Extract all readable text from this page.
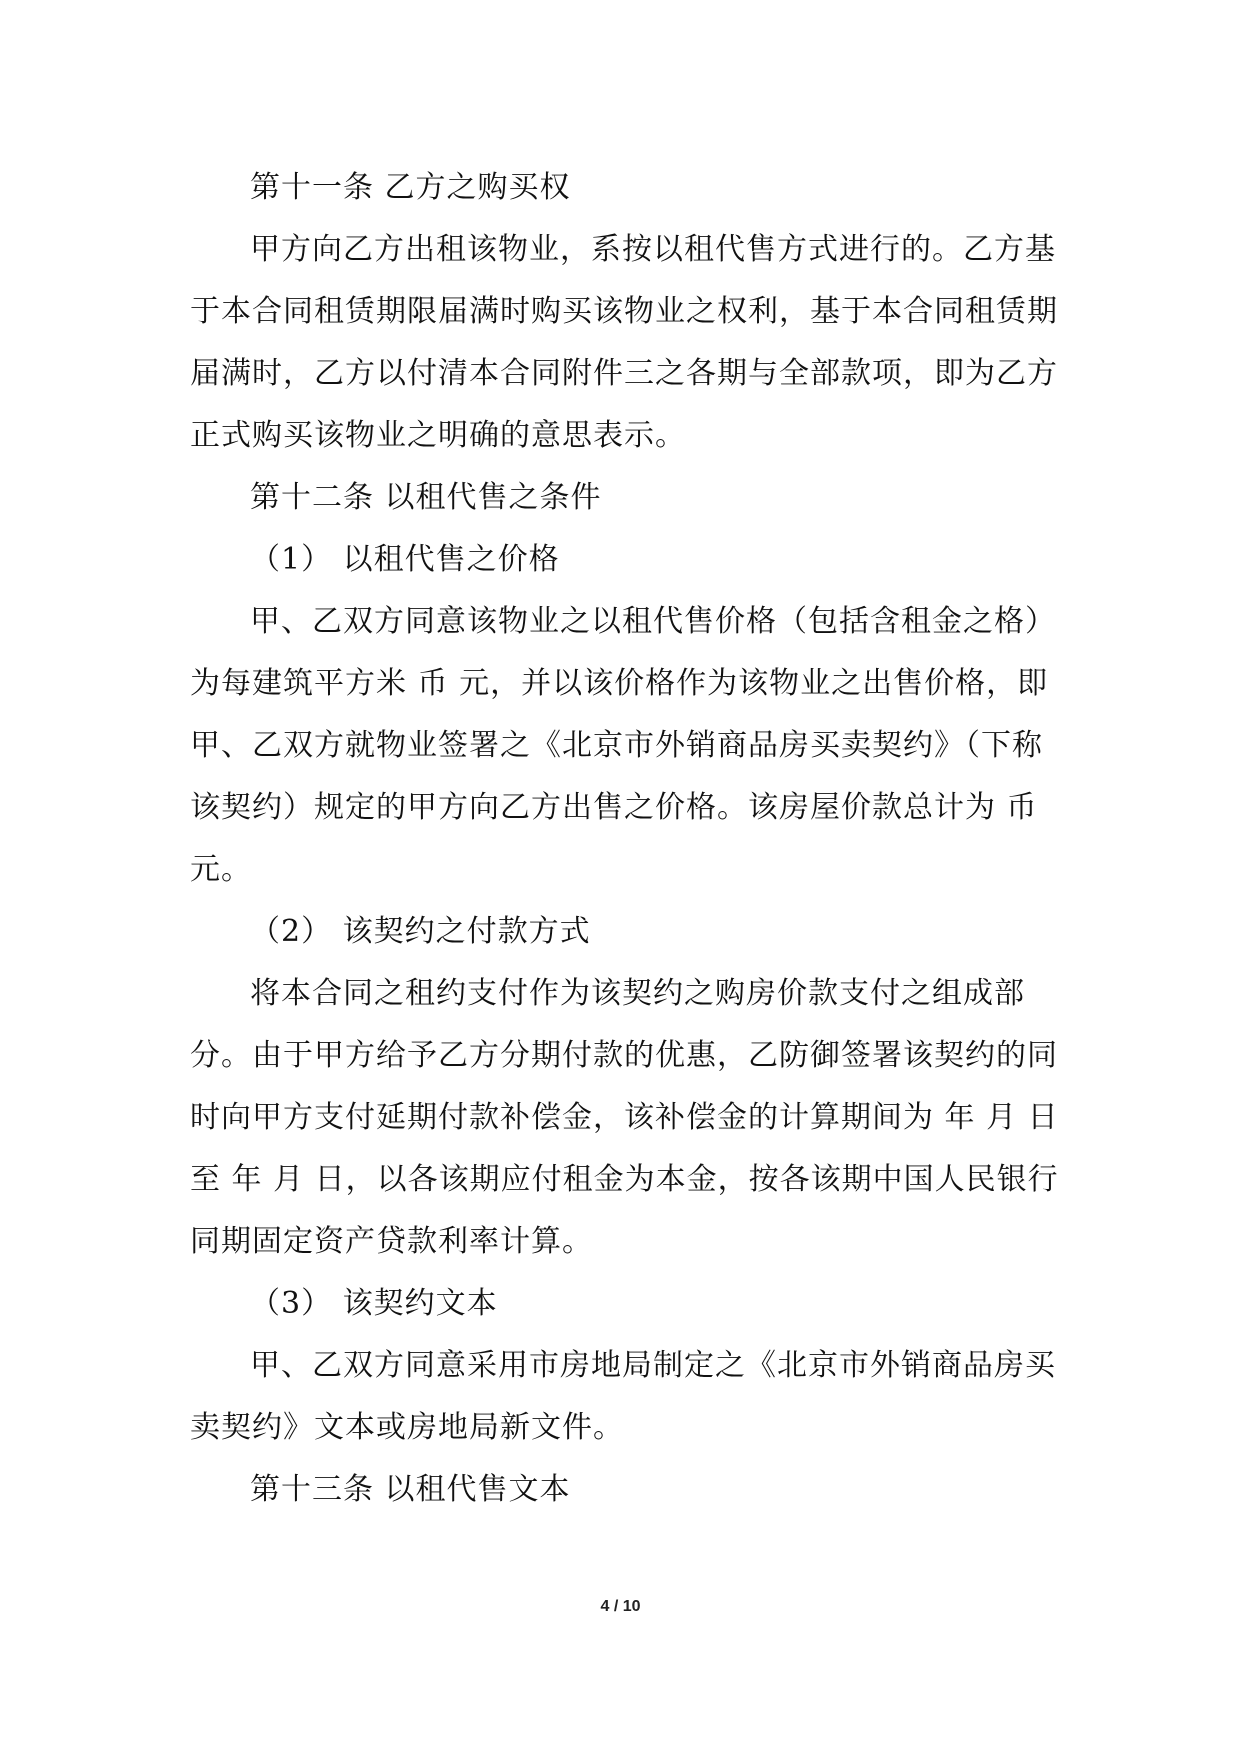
第十一条 乙方之购买权
甲方向乙方出租该物业，系按以租代售方式进行的。乙方基
于本合同租赁期限届满时购买该物业之权利，基于本合同租赁期
届满时，乙方以付清本合同附件三之各期与全部款项，即为乙方
正式购买该物业之明确的意思表示。
第十二条 以租代售之条件
（1） 以租代售之价格
甲、乙双方同意该物业之以租代售价格（包括含租金之格）
为每建筑平方米 币 元，并以该价格作为该物业之出售价格，即
甲、乙双方就物业签署之《北京市外销商品房买卖契约》（下称
该契约）规定的甲方向乙方出售之价格。该房屋价款总计为 币
元。
（2） 该契约之付款方式
将本合同之租约支付作为该契约之购房价款支付之组成部
分。由于甲方给予乙方分期付款的优惠，乙防御签署该契约的同
时向甲方支付延期付款补偿金，该补偿金的计算期间为 年 月 日
至 年 月 日，以各该期应付租金为本金，按各该期中国人民银行
同期固定资产贷款利率计算。
（3） 该契约文本
甲、乙双方同意采用市房地局制定之《北京市外销商品房买
卖契约》文本或房地局新文件。
第十三条 以租代售文本
4 / 10
